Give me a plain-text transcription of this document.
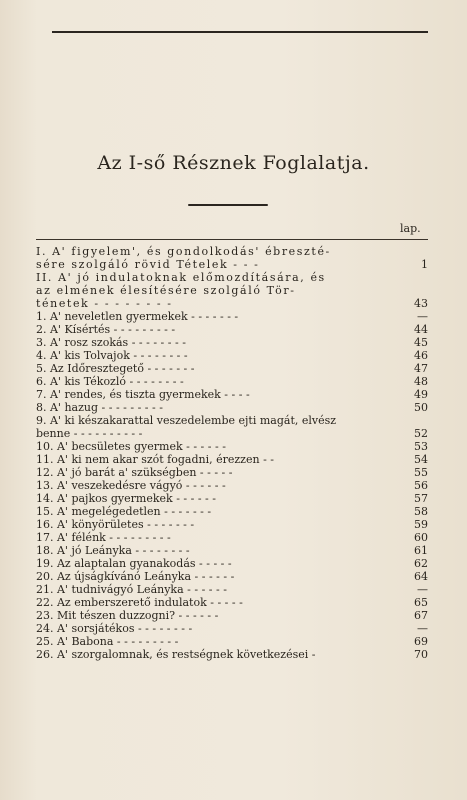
Az I-ső Résznek Foglalatja.
lap.
I. A' figyelem', és gondolkodás' ébreszté-
sére szolgáló rövid Tételek - - -	1
II. A' jó indulatoknak előmozdítására, és
az elmének élesítésére szolgáló Tör-
ténetek - - - - - - - -	43
1. A' neveletlen gyermekek - - - - - - -	—
2. A' Kísértés - - - - - - - - -	44
3. A' rosz szokás - - - - - - - -	45
4. A' kis Tolvajok - - - - - - - -	46
5. Az Időresztegető - - - - - - -	47
6. A' kis Tékozló - - - - - - - -	48
7. A' rendes, és tiszta gyermekek - - - -	49
8. A' hazug - - - - - - - - -	50
9. A' ki készakarattal veszedelembe ejti magát, elvész
benne - - - - - - - - - -	52
10. A' becsületes gyermek - - - - - -	53
11. A' ki nem akar szót fogadni, érezzen - -	54
12. A' jó barát a' szükségben - - - - -	55
13. A' veszekedésre vágyó - - - - - -	56
14. A' pajkos gyermekek - - - - - -	57
15. A' megelégedetlen - - - - - - -	58
16. A' könyörületes - - - - - - -	59
17. A' félénk - - - - - - - - -	60
18. A' jó Leányka - - - - - - - -	61
19. Az alaptalan gyanakodás - - - - -	62
20. Az újságkívánó Leányka - - - - - -	64
21. A' tudnivágyó Leányka - - - - - -	—
22. Az emberszerető indulatok - - - - -	65
23. Mit tészen duzzogni? - - - - - -	67
24. A' sorsjátékos - - - - - - - -	—
25. A' Babona - - - - - - - - -	69
26. A' szorgalomnak, és restségnek következései -	70
